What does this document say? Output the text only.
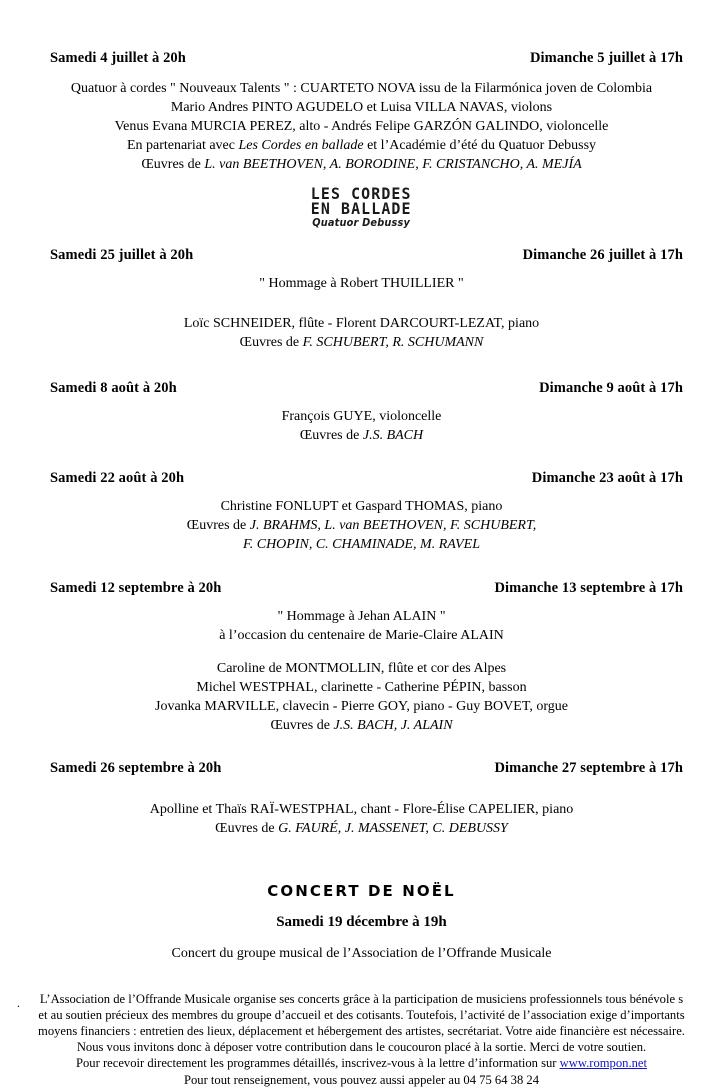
Samedi 4 juillet à 20h	Dimanche 5 juillet à 17h
Quatuor à cordes " Nouveaux Talents " : CUARTETO NOVA issu de la Filarmónica joven de Colombia
Mario Andres PINTO AGUDELO et Luisa VILLA NAVAS, violons
Venus Evana MURCIA PEREZ, alto - Andrés Felipe GARZÓN GALINDO, violoncelle
En partenariat avec Les Cordes en ballade et l’Académie d’été du Quatuor Debussy
Œuvres de L. van BEETHOVEN, A. BORODINE, F. CRISTANCHO, A. MEJÍA
LES CORDES
EN BALLADE
Quatuor Debussy
Samedi 25 juillet à 20h	Dimanche 26 juillet à 17h
" Hommage à Robert THUILLIER "
Loïc SCHNEIDER, flûte - Florent DARCOURT-LEZAT, piano
Œuvres de F. SCHUBERT, R. SCHUMANN
Samedi 8 août à 20h	Dimanche 9 août à 17h
François GUYE, violoncelle
Œuvres de J.S. BACH
Samedi 22 août à 20h	Dimanche 23 août à 17h
Christine FONLUPT et Gaspard THOMAS, piano
Œuvres de J. BRAHMS, L. van BEETHOVEN, F. SCHUBERT,
F. CHOPIN, C. CHAMINADE, M. RAVEL
Samedi 12 septembre à 20h	Dimanche 13 septembre à 17h
" Hommage à Jehan ALAIN "
à l’occasion du centenaire de Marie-Claire ALAIN
Caroline de MONTMOLLIN, flûte et cor des Alpes
Michel WESTPHAL, clarinette - Catherine PÉPIN, basson
Jovanka MARVILLE, clavecin - Pierre GOY, piano - Guy BOVET, orgue
Œuvres de J.S. BACH, J. ALAIN
Samedi 26 septembre à 20h	Dimanche 27 septembre à 17h
Apolline et Thaïs RAÏ-WESTPHAL, chant - Flore-Élise CAPELIER, piano
Œuvres de G. FAURÉ, J. MASSENET, C. DEBUSSY
CONCERT DE NOËL
Samedi 19 décembre à 19h
Concert du groupe musical de l’Association de l’Offrande Musicale
L’Association de l’Offrande Musicale organise ses concerts grâce à la participation de musiciens professionnels tous bénévole s
et au soutien précieux des membres du groupe d’accueil et des cotisants. Toutefois, l’activité de l’association exige d’importants
moyens financiers : entretien des lieux, déplacement et hébergement des artistes, secrétariat. Votre aide financière est nécessaire.
Nous vous invitons donc à déposer votre contribution dans le coucouron placé à la sortie. Merci de votre soutien.
Pour recevoir directement les programmes détaillés, inscrivez-vous à la lettre d’information sur www.rompon.net
Pour tout renseignement, vous pouvez aussi appeler au 04 75 64 38 24
.
